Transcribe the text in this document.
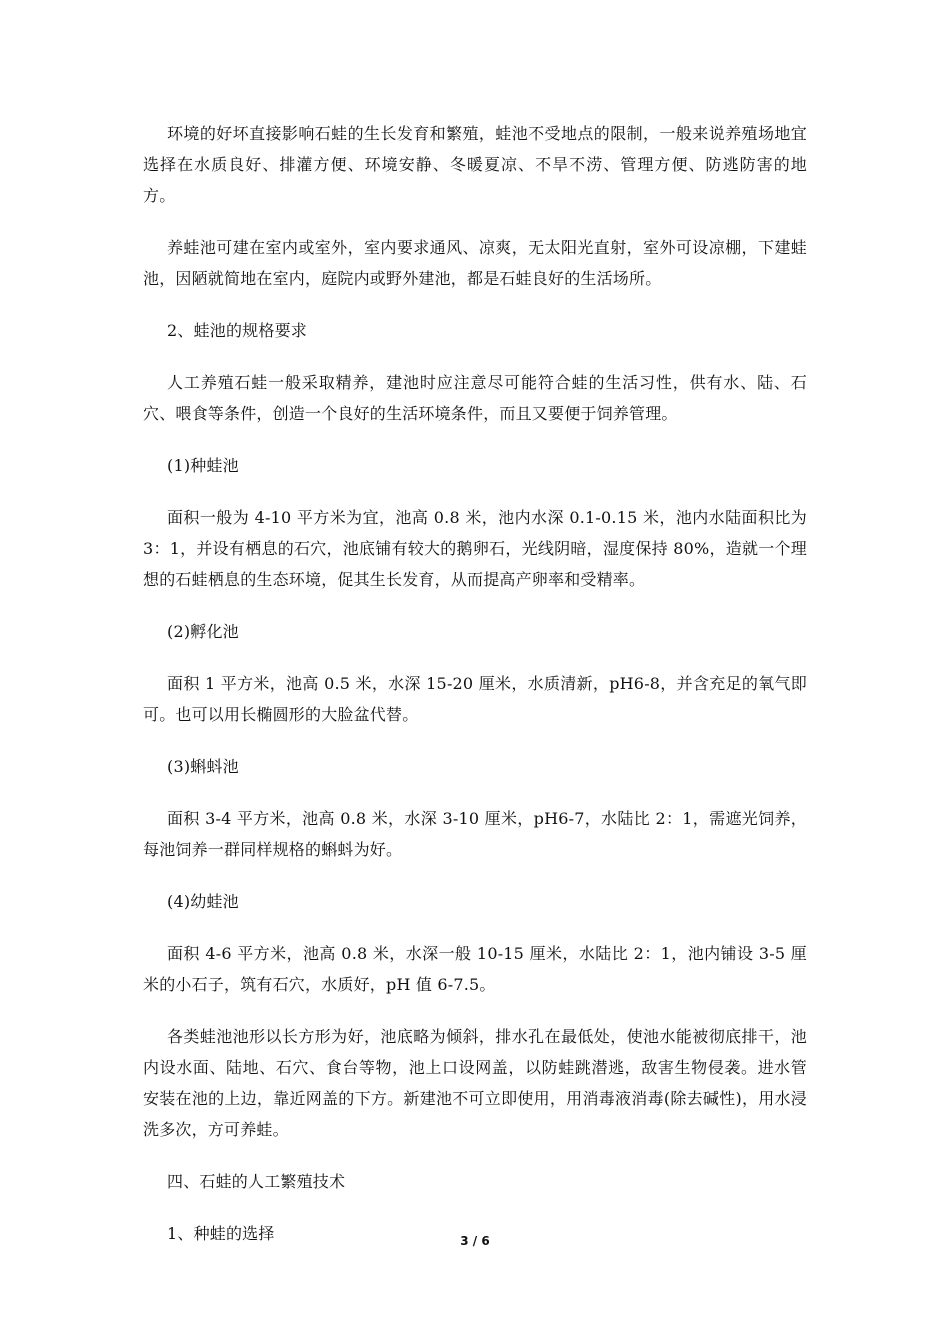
环境的好坏直接影响石蛙的生长发育和繁殖，蛙池不受地点的限制，一般来说养殖场地宜选择在水质良好、排灌方便、环境安静、冬暖夏凉、不旱不涝、管理方便、防逃防害的地方。

养蛙池可建在室内或室外，室内要求通风、凉爽，无太阳光直射，室外可设凉棚，下建蛙池，因陋就简地在室内，庭院内或野外建池，都是石蛙良好的生活场所。

2、蛙池的规格要求

人工养殖石蛙一般采取精养，建池时应注意尽可能符合蛙的生活习性，供有水、陆、石穴、喂食等条件，创造一个良好的生活环境条件，而且又要便于饲养管理。

(1)种蛙池

面积一般为 4-10 平方米为宜，池高 0.8 米，池内水深 0.1-0.15 米，池内水陆面积比为 3：1，并设有栖息的石穴，池底铺有较大的鹅卵石，光线阴暗，湿度保持 80%，造就一个理想的石蛙栖息的生态环境，促其生长发育，从而提高产卵率和受精率。

(2)孵化池

面积 1 平方米，池高 0.5 米，水深 15-20 厘米，水质清新，pH6-8，并含充足的氧气即可。也可以用长椭圆形的大脸盆代替。

(3)蝌蚪池

面积 3-4 平方米，池高 0.8 米，水深 3-10 厘米，pH6-7，水陆比 2：1，需遮光饲养，每池饲养一群同样规格的蝌蚪为好。

(4)幼蛙池

面积 4-6 平方米，池高 0.8 米，水深一般 10-15 厘米，水陆比 2：1，池内铺设 3-5 厘米的小石子，筑有石穴，水质好，pH 值 6-7.5。

各类蛙池池形以长方形为好，池底略为倾斜，排水孔在最低处，使池水能被彻底排干，池内设水面、陆地、石穴、食台等物，池上口设网盖，以防蛙跳潜逃，敌害生物侵袭。进水管安装在池的上边，靠近网盖的下方。新建池不可立即使用，用消毒液消毒(除去碱性)，用水浸洗多次，方可养蛙。

四、石蛙的人工繁殖技术

1、种蛙的选择	3 / 6
